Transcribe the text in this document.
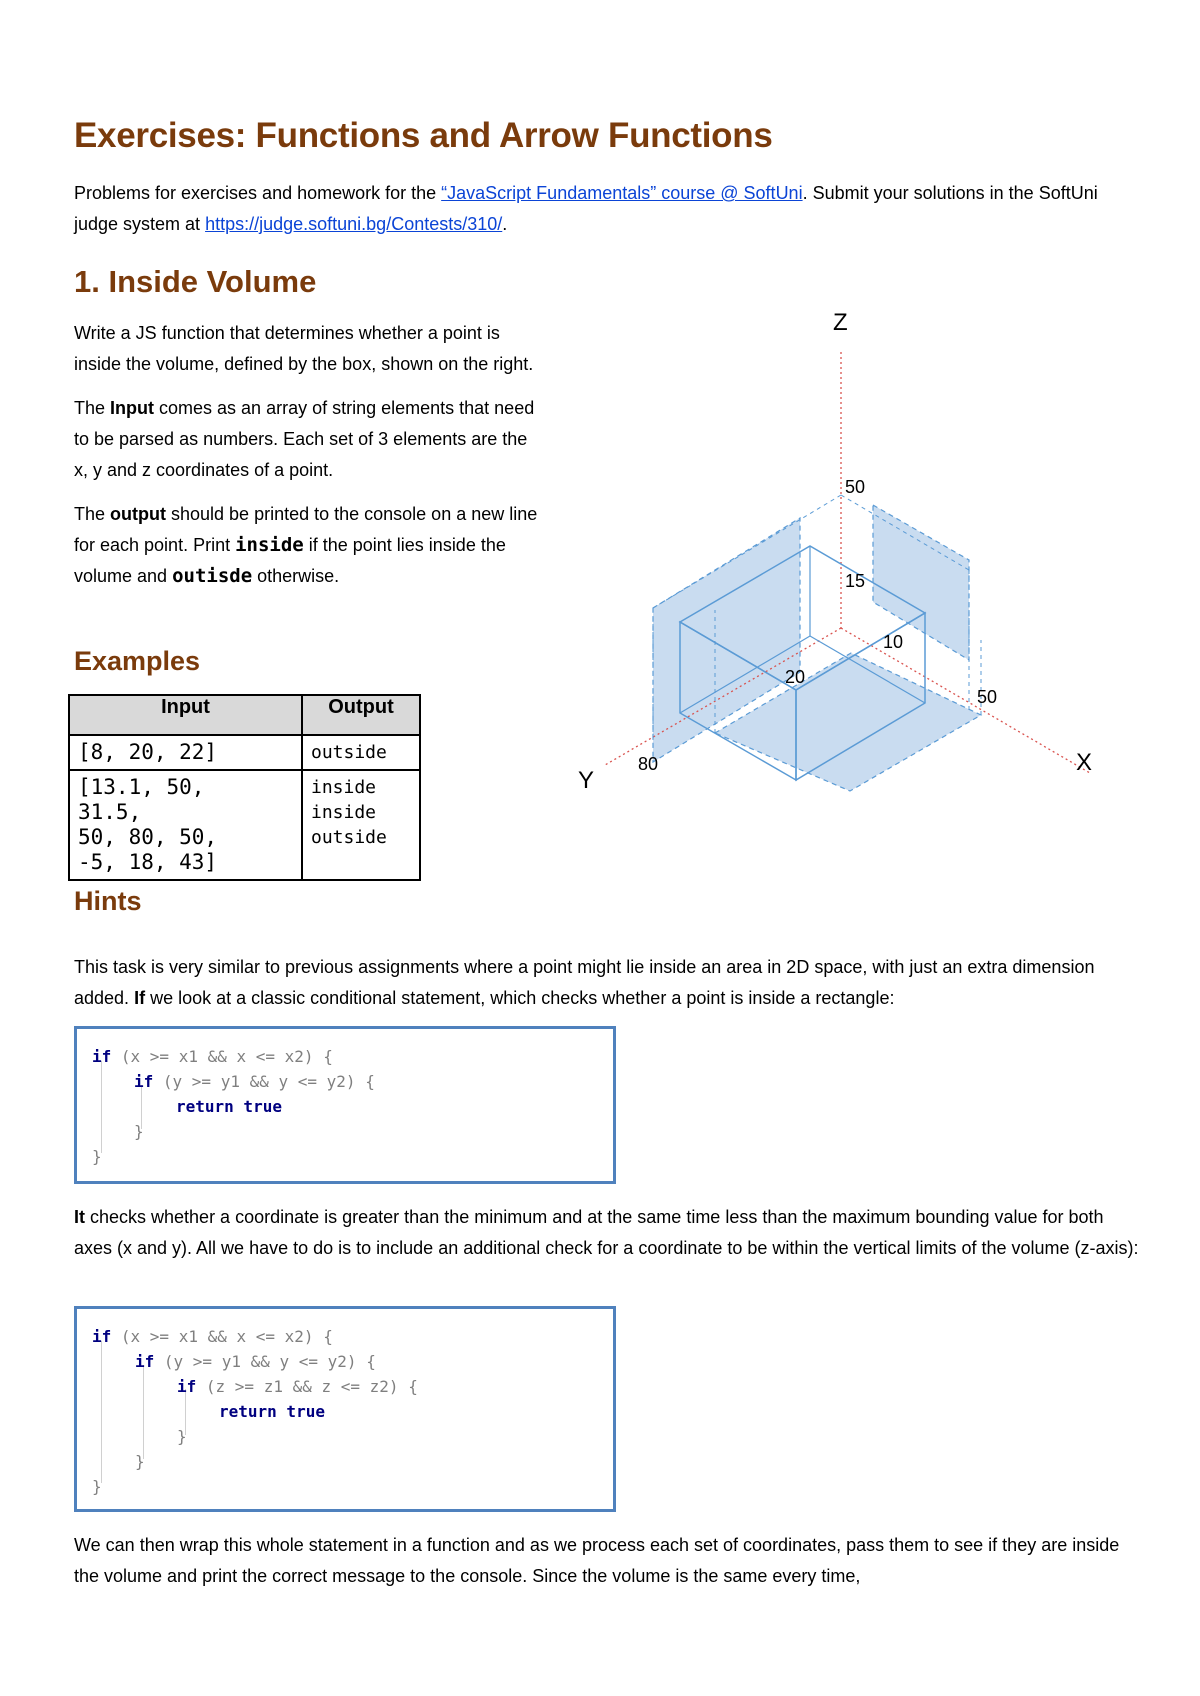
Exercises: Functions and Arrow Functions

Problems for exercises and homework for the “JavaScript Fundamentals” course @ SoftUni. Submit your solutions in the SoftUni judge system at https://judge.softuni.bg/Contests/310/.

1. Inside Volume

Write a JS function that determines whether a point is inside the volume, defined by the box, shown on the right.

The Input comes as an array of string elements that need to be parsed as numbers. Each set of 3 elements are the x, y and z coordinates of a point.

The output should be printed to the console on a new line for each point. Print inside if the point lies inside the volume and outisde otherwise.

Examples
Input	Output

[8, 20, 22]	outside

[13.1, 50,
31.5,
50, 80, 50,
-5, 18, 43]	inside
inside
outside
Z
X
Y
50
15
10
20
50
80
Hints

This task is very similar to previous assignments where a point might lie inside an area in 2D space, with just an extra dimension added. If we look at a classic conditional statement, which checks whether a point is inside a rectangle:

if (x >= x1 && x <= x2) {
if (y >= y1 && y <= y2) {
return true
}
}

It checks whether a coordinate is greater than the minimum and at the same time less than the maximum bounding value for both axes (x and y). All we have to do is to include an additional check for a coordinate to be within the vertical limits of the volume (z-axis):

if (x >= x1 && x <= x2) {
if (y >= y1 && y <= y2) {
if (z >= z1 && z <= z2) {
return true
}
}
}

We can then wrap this whole statement in a function and as we process each set of coordinates, pass them to see if they are inside the volume and print the correct message to the console. Since the volume is the same every time,
